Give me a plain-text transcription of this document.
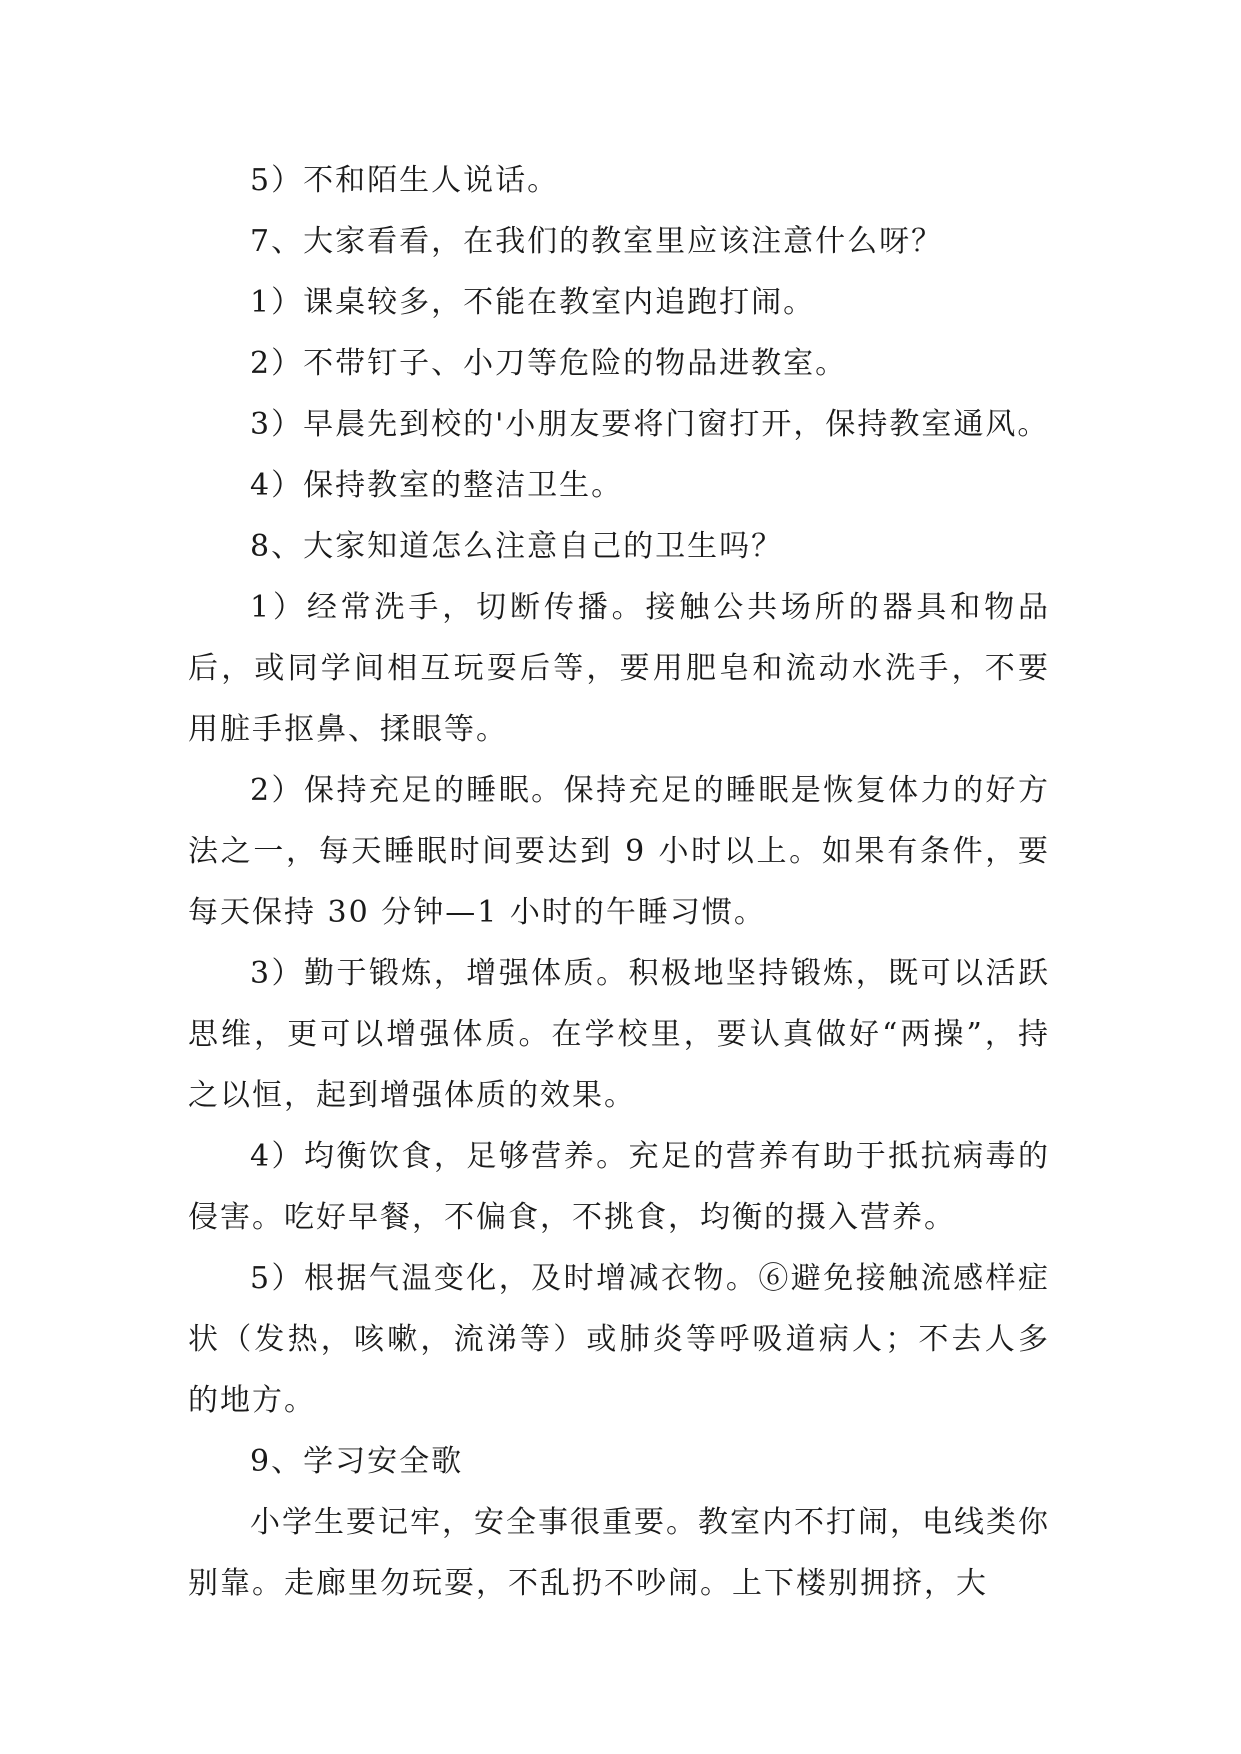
5）不和陌生人说话。

7、大家看看，在我们的教室里应该注意什么呀？

1）课桌较多，不能在教室内追跑打闹。

2）不带钉子、小刀等危险的物品进教室。

3）早晨先到校的'小朋友要将门窗打开，保持教室通风。

4）保持教室的整洁卫生。

8、大家知道怎么注意自己的卫生吗？

1）经常洗手，切断传播。接触公共场所的器具和物品后，或同学间相互玩耍后等，要用肥皂和流动水洗手，不要用脏手抠鼻、揉眼等。

2）保持充足的睡眠。保持充足的睡眠是恢复体力的好方法之一，每天睡眠时间要达到 9 小时以上。如果有条件，要每天保持 30 分钟—1 小时的午睡习惯。

3）勤于锻炼，增强体质。积极地坚持锻炼，既可以活跃思维，更可以增强体质。在学校里，要认真做好“两操”，持之以恒，起到增强体质的效果。

4）均衡饮食，足够营养。充足的营养有助于抵抗病毒的侵害。吃好早餐，不偏食，不挑食，均衡的摄入营养。

5）根据气温变化，及时增减衣物。⑥避免接触流感样症状（发热，咳嗽，流涕等）或肺炎等呼吸道病人；不去人多的地方。

9、学习安全歌

小学生要记牢，安全事很重要。教室内不打闹，电线类你别靠。走廊里勿玩耍，不乱扔不吵闹。上下楼别拥挤，大
